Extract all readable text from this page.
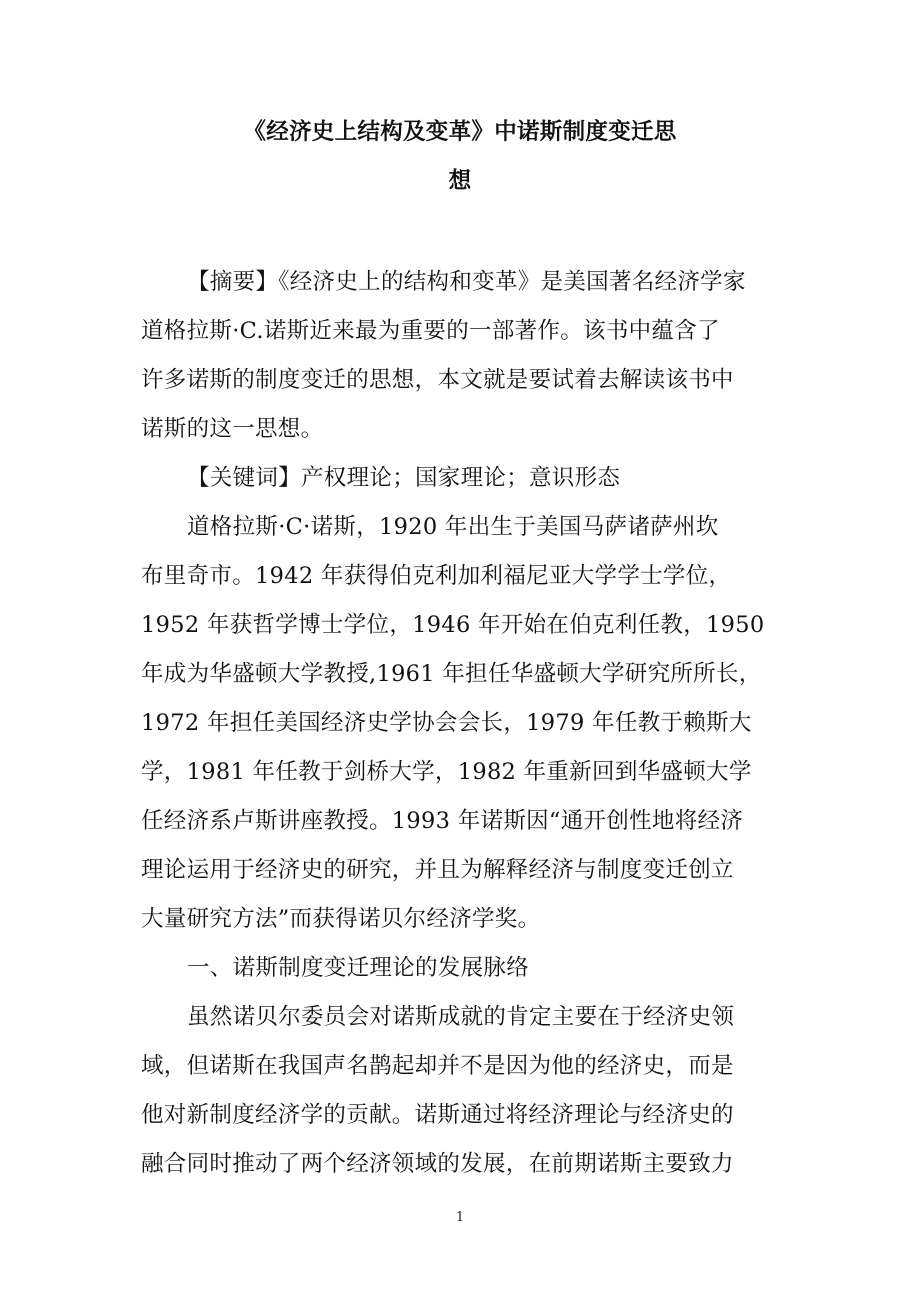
《经济史上结构及变革》中诺斯制度变迁思
想
【摘要】《经济史上的结构和变革》是美国著名经济学家
道格拉斯·C.诺斯近来最为重要的一部著作。该书中蕴含了
许多诺斯的制度变迁的思想，本文就是要试着去解读该书中
诺斯的这一思想。
【关键词】产权理论；国家理论；意识形态
道格拉斯·C·诺斯，1920 年出生于美国马萨诸萨州坎
布里奇市。1942 年获得伯克利加利福尼亚大学学士学位，
1952 年获哲学博士学位，1946 年开始在伯克利任教，1950
年成为华盛顿大学教授,1961 年担任华盛顿大学研究所所长，
1972 年担任美国经济史学协会会长，1979 年任教于赖斯大
学，1981 年任教于剑桥大学，1982 年重新回到华盛顿大学
任经济系卢斯讲座教授。1993 年诺斯因“通开创性地将经济
理论运用于经济史的研究，并且为解释经济与制度变迁创立
大量研究方法”而获得诺贝尔经济学奖。
一、诺斯制度变迁理论的发展脉络
虽然诺贝尔委员会对诺斯成就的肯定主要在于经济史领
域，但诺斯在我国声名鹊起却并不是因为他的经济史，而是
他对新制度经济学的贡献。诺斯通过将经济理论与经济史的
融合同时推动了两个经济领域的发展，在前期诺斯主要致力
1
